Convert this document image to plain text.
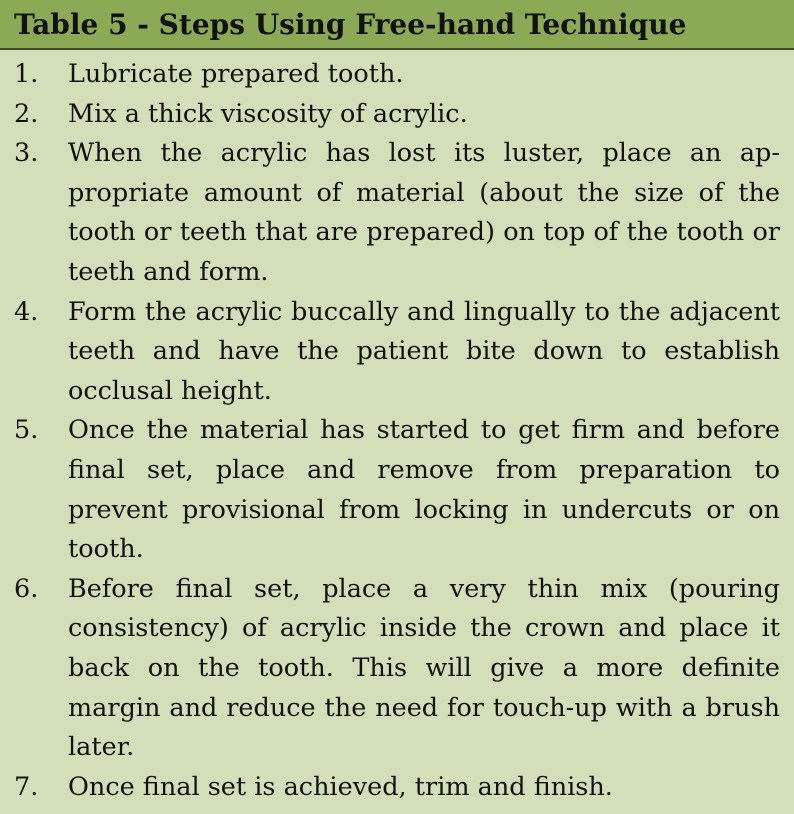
Table 5 - Steps Using Free-hand Technique
1.	Lubricate prepared tooth.
2.	Mix a thick viscosity of acrylic.
3.	When the acrylic has lost its luster, place an appropriate amount of material (about the size of the tooth or teeth that are prepared) on top of the tooth or teeth and form.
4.	Form the acrylic buccally and lingually to the adjacent teeth and have the patient bite down to establish occlusal height.
5.	Once the material has started to get firm and before final set, place and remove from preparation to prevent provisional from locking in undercuts or on tooth.
6.	Before final set, place a very thin mix (pouring consistency) of acrylic inside the crown and place it back on the tooth. This will give a more definite margin and reduce the need for touch-up with a brush later.
7.	Once final set is achieved, trim and finish.
